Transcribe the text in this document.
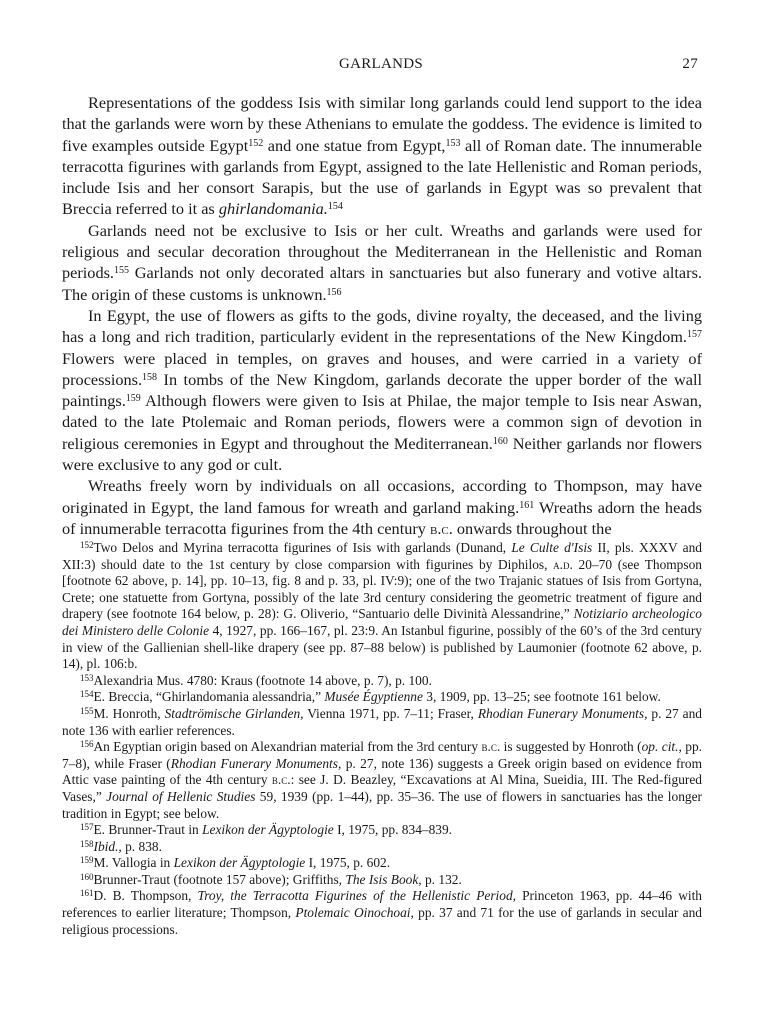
GARLANDS	27

Representations of the goddess Isis with similar long garlands could lend support to the idea that the garlands were worn by these Athenians to emulate the goddess. The evidence is limited to five examples outside Egypt$^{152}$ and one statue from Egypt,$^{153}$ all of Roman date. The innumerable terracotta figurines with garlands from Egypt, assigned to the late Hellenistic and Roman periods, include Isis and her consort Sarapis, but the use of garlands in Egypt was so prevalent that Breccia referred to it as ghirlandomania.$^{154}$

Garlands need not be exclusive to Isis or her cult. Wreaths and garlands were used for religious and secular decoration throughout the Mediterranean in the Hellenistic and Roman periods.$^{155}$ Garlands not only decorated altars in sanctuaries but also funerary and votive altars. The origin of these customs is unknown.$^{156}$

In Egypt, the use of flowers as gifts to the gods, divine royalty, the deceased, and the living has a long and rich tradition, particularly evident in the representations of the New Kingdom.$^{157}$ Flowers were placed in temples, on graves and houses, and were carried in a variety of processions.$^{158}$ In tombs of the New Kingdom, garlands decorate the upper border of the wall paintings.$^{159}$ Although flowers were given to Isis at Philae, the major temple to Isis near Aswan, dated to the late Ptolemaic and Roman periods, flowers were a common sign of devotion in religious ceremonies in Egypt and throughout the Mediterranean.$^{160}$ Neither garlands nor flowers were exclusive to any god or cult.

Wreaths freely worn by individuals on all occasions, according to Thompson, may have originated in Egypt, the land famous for wreath and garland making.$^{161}$ Wreaths adorn the heads of innumerable terracotta figurines from the 4th century b.c. onwards throughout the

$^{152}$Two Delos and Myrina terracotta figurines of Isis with garlands (Dunand, Le Culte d'Isis II, pls. XXXV and XII:3) should date to the 1st century by close comparsion with figurines by Diphilos, a.d. 20–70 (see Thompson [footnote 62 above, p. 14], pp. 10–13, fig. 8 and p. 33, pl. IV:9); one of the two Trajanic statues of Isis from Gortyna, Crete; one statuette from Gortyna, possibly of the late 3rd century considering the geometric treatment of figure and drapery (see footnote 164 below, p. 28): G. Oliverio, “Santuario delle Divinità Alessandrine,” Notiziario archeologico dei Ministero delle Colonie 4, 1927, pp. 166–167, pl. 23:9. An Istanbul figurine, possibly of the 60’s of the 3rd century in view of the Gallienian shell-like drapery (see pp. 87–88 below) is published by Laumonier (footnote 62 above, p. 14), pl. 106:b.

$^{153}$Alexandria Mus. 4780: Kraus (footnote 14 above, p. 7), p. 100.

$^{154}$E. Breccia, “Ghirlandomania alessandria,” Musée Égyptienne 3, 1909, pp. 13–25; see footnote 161 below.

$^{155}$M. Honroth, Stadtrömische Girlanden, Vienna 1971, pp. 7–11; Fraser, Rhodian Funerary Monuments, p. 27 and note 136 with earlier references.

$^{156}$An Egyptian origin based on Alexandrian material from the 3rd century b.c. is suggested by Honroth (op. cit., pp. 7–8), while Fraser (Rhodian Funerary Monuments, p. 27, note 136) suggests a Greek origin based on evidence from Attic vase painting of the 4th century b.c.: see J. D. Beazley, “Excavations at Al Mina, Sueidia, III. The Red-figured Vases,” Journal of Hellenic Studies 59, 1939 (pp. 1–44), pp. 35–36. The use of flowers in sanctuaries has the longer tradition in Egypt; see below.

$^{157}$E. Brunner-Traut in Lexikon der Ägyptologie I, 1975, pp. 834–839.

$^{158}$Ibid., p. 838.

$^{159}$M. Vallogia in Lexikon der Ägyptologie I, 1975, p. 602.

$^{160}$Brunner-Traut (footnote 157 above); Griffiths, The Isis Book, p. 132.

$^{161}$D. B. Thompson, Troy, the Terracotta Figurines of the Hellenistic Period, Princeton 1963, pp. 44–46 with references to earlier literature; Thompson, Ptolemaic Oinochoai, pp. 37 and 71 for the use of garlands in secular and religious processions.
